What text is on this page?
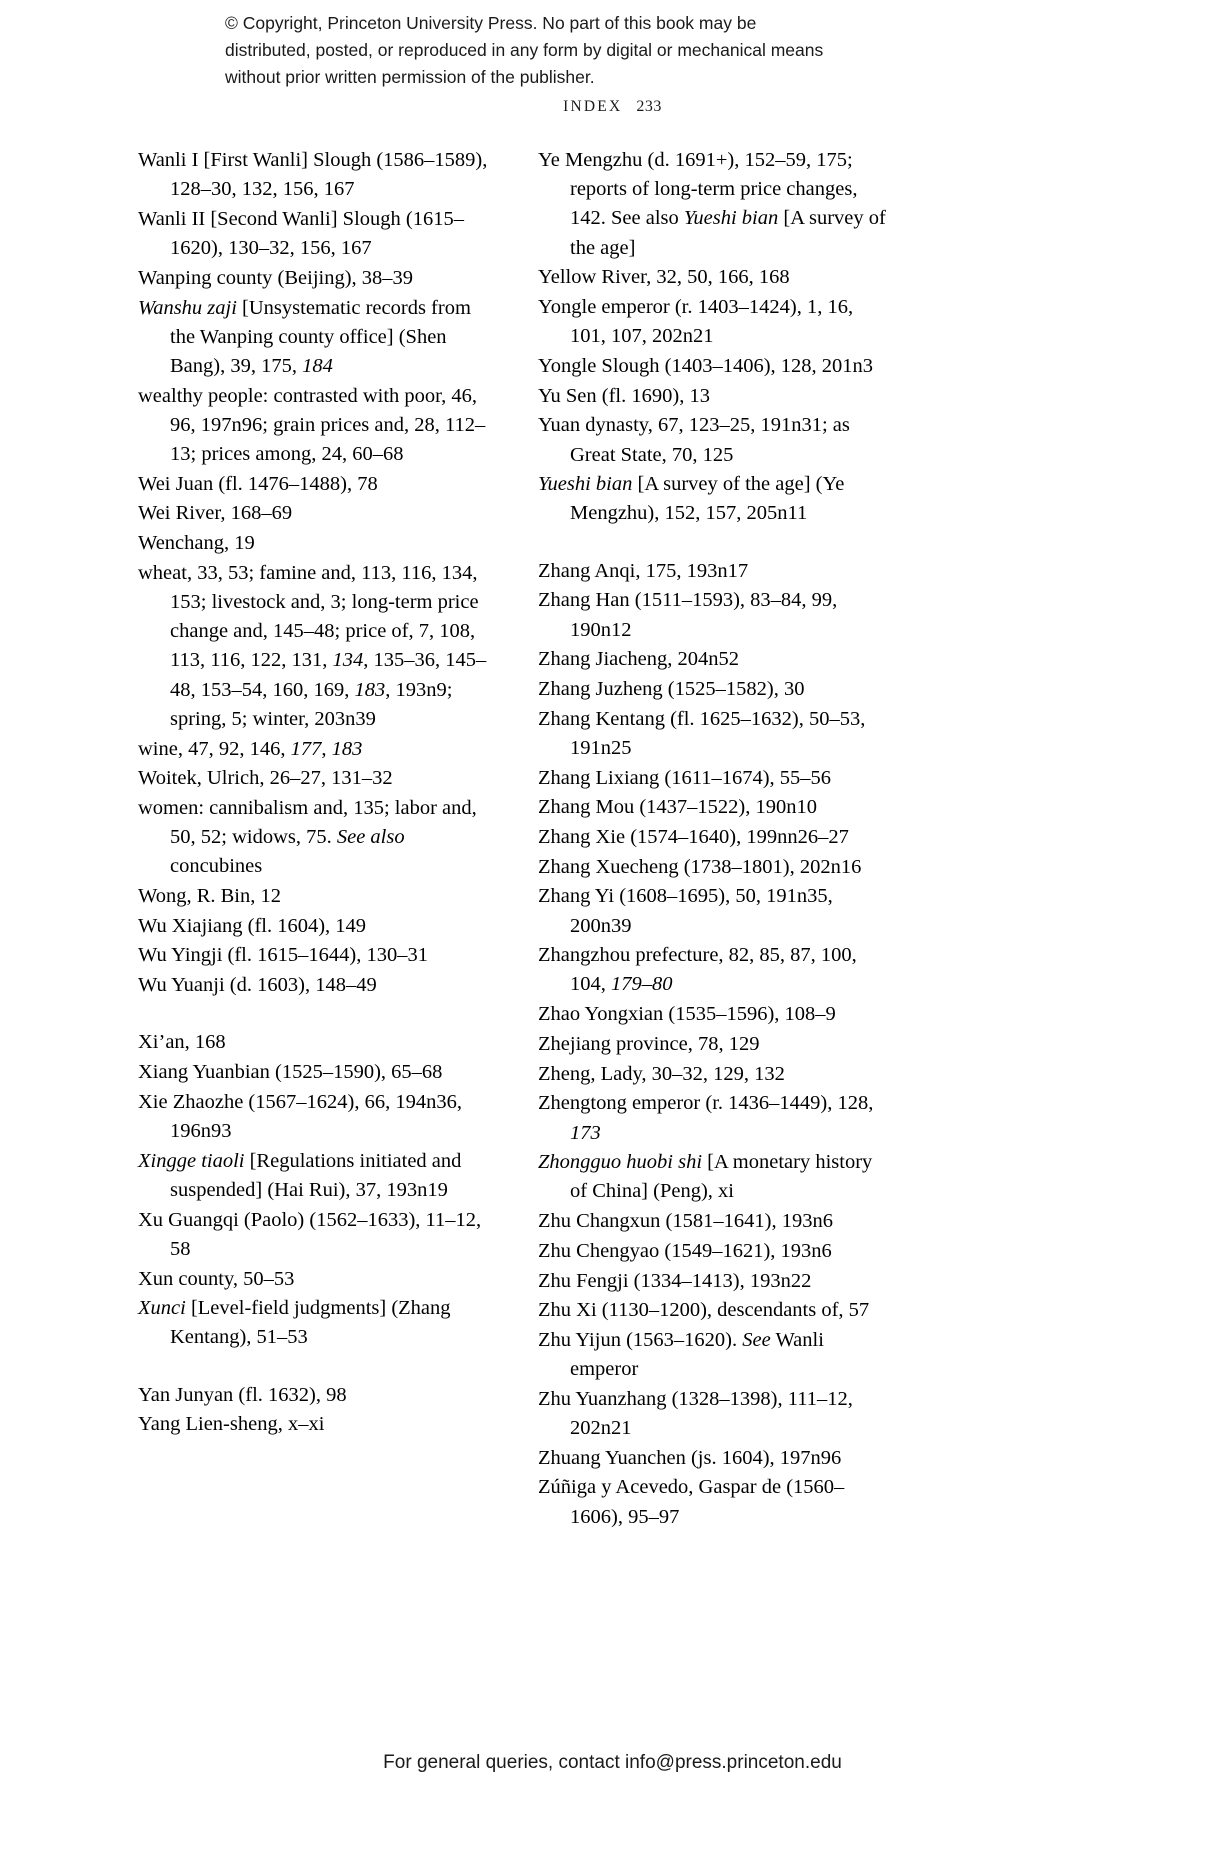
© Copyright, Princeton University Press. No part of this book may be distributed, posted, or reproduced in any form by digital or mechanical means without prior written permission of the publisher.
INDEX 233

Wanli I [First Wanli] Slough (1586–1589), 128–30, 132, 156, 167

Wanli II [Second Wanli] Slough (1615–1620), 130–32, 156, 167

Wanping county (Beijing), 38–39

Wanshu zaji [Unsystematic records from the Wanping county office] (Shen Bang), 39, 175, 184

wealthy people: contrasted with poor, 46, 96, 197n96; grain prices and, 28, 112–13; prices among, 24, 60–68

Wei Juan (fl. 1476–1488), 78

Wei River, 168–69

Wenchang, 19

wheat, 33, 53; famine and, 113, 116, 134, 153; livestock and, 3; long-term price change and, 145–48; price of, 7, 108, 113, 116, 122, 131, 134, 135–36, 145–48, 153–54, 160, 169, 183, 193n9; spring, 5; winter, 203n39

wine, 47, 92, 146, 177, 183

Woitek, Ulrich, 26–27, 131–32

women: cannibalism and, 135; labor and, 50, 52; widows, 75. See also concubines

Wong, R. Bin, 12

Wu Xiajiang (fl. 1604), 149

Wu Yingji (fl. 1615–1644), 130–31

Wu Yuanji (d. 1603), 148–49

Xi’an, 168

Xiang Yuanbian (1525–1590), 65–68

Xie Zhaozhe (1567–1624), 66, 194n36, 196n93

Xingge tiaoli [Regulations initiated and suspended] (Hai Rui), 37, 193n19

Xu Guangqi (Paolo) (1562–1633), 11–12, 58

Xun county, 50–53

Xunci [Level-field judgments] (Zhang Kentang), 51–53

Yan Junyan (fl. 1632), 98

Yang Lien-sheng, x–xi

Ye Mengzhu (d. 1691+), 152–59, 175; reports of long-term price changes, 142. See also Yueshi bian [A survey of the age]

Yellow River, 32, 50, 166, 168

Yongle emperor (r. 1403–1424), 1, 16, 101, 107, 202n21

Yongle Slough (1403–1406), 128, 201n3

Yu Sen (fl. 1690), 13

Yuan dynasty, 67, 123–25, 191n31; as Great State, 70, 125

Yueshi bian [A survey of the age] (Ye Mengzhu), 152, 157, 205n11

Zhang Anqi, 175, 193n17

Zhang Han (1511–1593), 83–84, 99, 190n12

Zhang Jiacheng, 204n52

Zhang Juzheng (1525–1582), 30

Zhang Kentang (fl. 1625–1632), 50–53, 191n25

Zhang Lixiang (1611–1674), 55–56

Zhang Mou (1437–1522), 190n10

Zhang Xie (1574–1640), 199nn26–27

Zhang Xuecheng (1738–1801), 202n16

Zhang Yi (1608–1695), 50, 191n35, 200n39

Zhangzhou prefecture, 82, 85, 87, 100, 104, 179–80

Zhao Yongxian (1535–1596), 108–9

Zhejiang province, 78, 129

Zheng, Lady, 30–32, 129, 132

Zhengtong emperor (r. 1436–1449), 128, 173

Zhongguo huobi shi [A monetary history of China] (Peng), xi

Zhu Changxun (1581–1641), 193n6

Zhu Chengyao (1549–1621), 193n6

Zhu Fengji (1334–1413), 193n22

Zhu Xi (1130–1200), descendants of, 57

Zhu Yijun (1563–1620). See Wanli emperor

Zhu Yuanzhang (1328–1398), 111–12, 202n21

Zhuang Yuanchen (js. 1604), 197n96

Zúñiga y Acevedo, Gaspar de (1560–1606), 95–97

For general queries, contact info@press.princeton.edu
